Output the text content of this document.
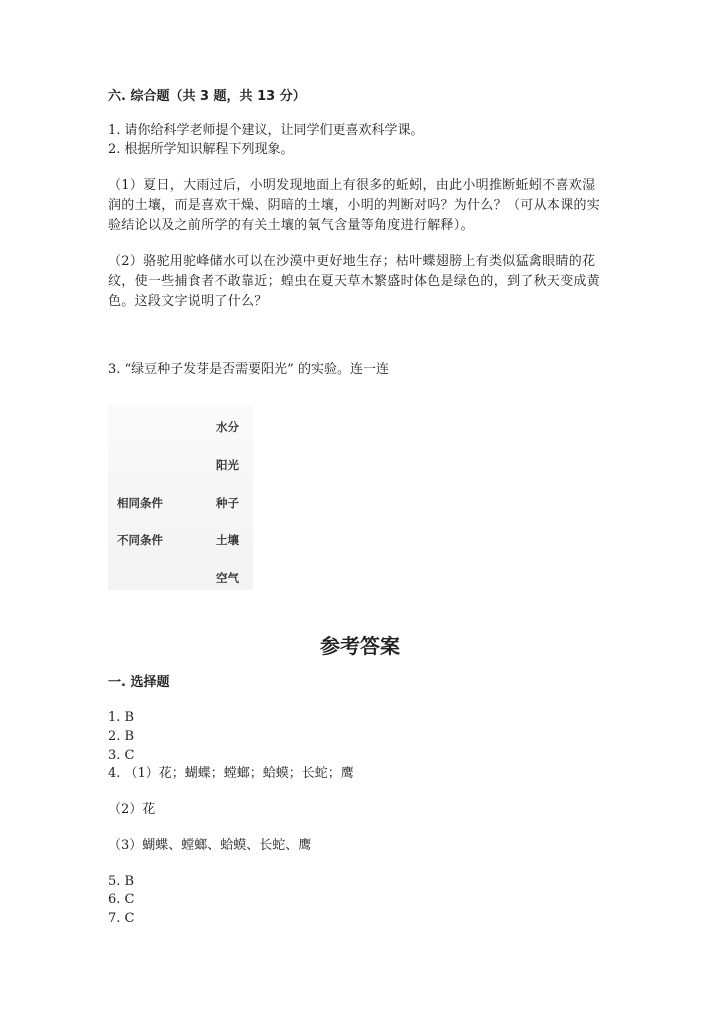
六. 综合题（共 3 题，共 13 分）
1. 请你给科学老师提个建议，让同学们更喜欢科学课。
2. 根据所学知识解程下列现象。
（1）夏日，大雨过后，小明发现地面上有很多的蚯蚓，由此小明推断蚯蚓不喜欢湿润的土壤，而是喜欢干燥、阴暗的土壤，小明的判断对吗？为什么？（可从本课的实验结论以及之前所学的有关土壤的氧气含量等角度进行解释）。
（2）骆驼用驼峰储水可以在沙漠中更好地生存；枯叶蝶翅膀上有类似猛禽眼睛的花纹，使一些捕食者不敢靠近；蝗虫在夏天草木繁盛时体色是绿色的，到了秋天变成黄色。这段文字说明了什么？
3. “绿豆种子发芽是否需要阳光” 的实验。连一连
水分
阳光
种子
土壤
空气
相同条件
不同条件
参考答案
一. 选择题
1. B
2. B
3. C
4. （1）花；蝴蝶；螳螂；蛤蟆；长蛇；鹰
（2）花
（3）蝴蝶、螳螂、蛤蟆、长蛇、鹰
5. B
6. C
7. C
